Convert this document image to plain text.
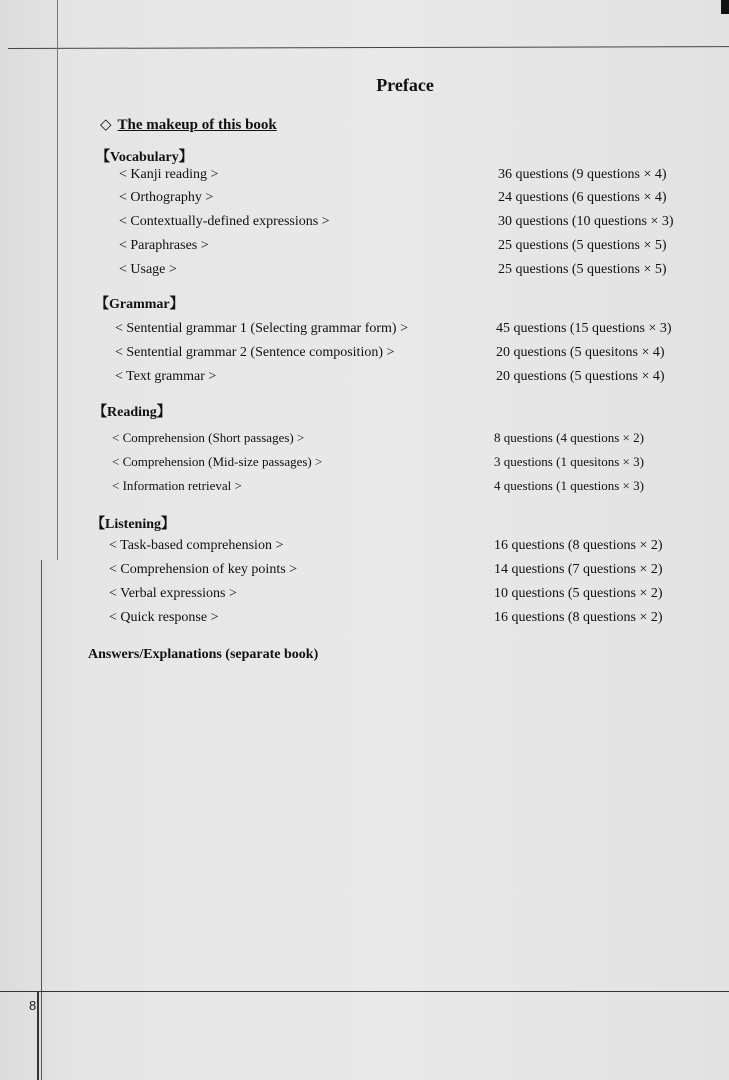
Preface
◇ The makeup of this book
【Vocabulary】
< Kanji reading >	36 questions (9 questions × 4)
< Orthography >	24 questions (6 questions × 4)
< Contextually-defined expressions >	30 questions (10 questions × 3)
< Paraphrases >	25 questions (5 questions × 5)
< Usage >	25 questions (5 questions × 5)
【Grammar】
< Sentential grammar 1 (Selecting grammar form) >	45 questions (15 questions × 3)
< Sentential grammar 2 (Sentence composition) >	20 questions (5 quesitons × 4)
< Text grammar >	20 questions (5 questions × 4)
【Reading】
< Comprehension (Short passages) >	8 questions (4 questions × 2)
< Comprehension (Mid-size passages) >	3 questions (1 quesitons × 3)
< Information retrieval >	4 questions (1 questions × 3)
【Listening】
< Task-based comprehension >	16 questions (8 questions × 2)
< Comprehension of key points >	14 questions (7 questions × 2)
< Verbal expressions >	10 questions (5 questions × 2)
< Quick response >	16 questions (8 questions × 2)
Answers/Explanations (separate book)
8
